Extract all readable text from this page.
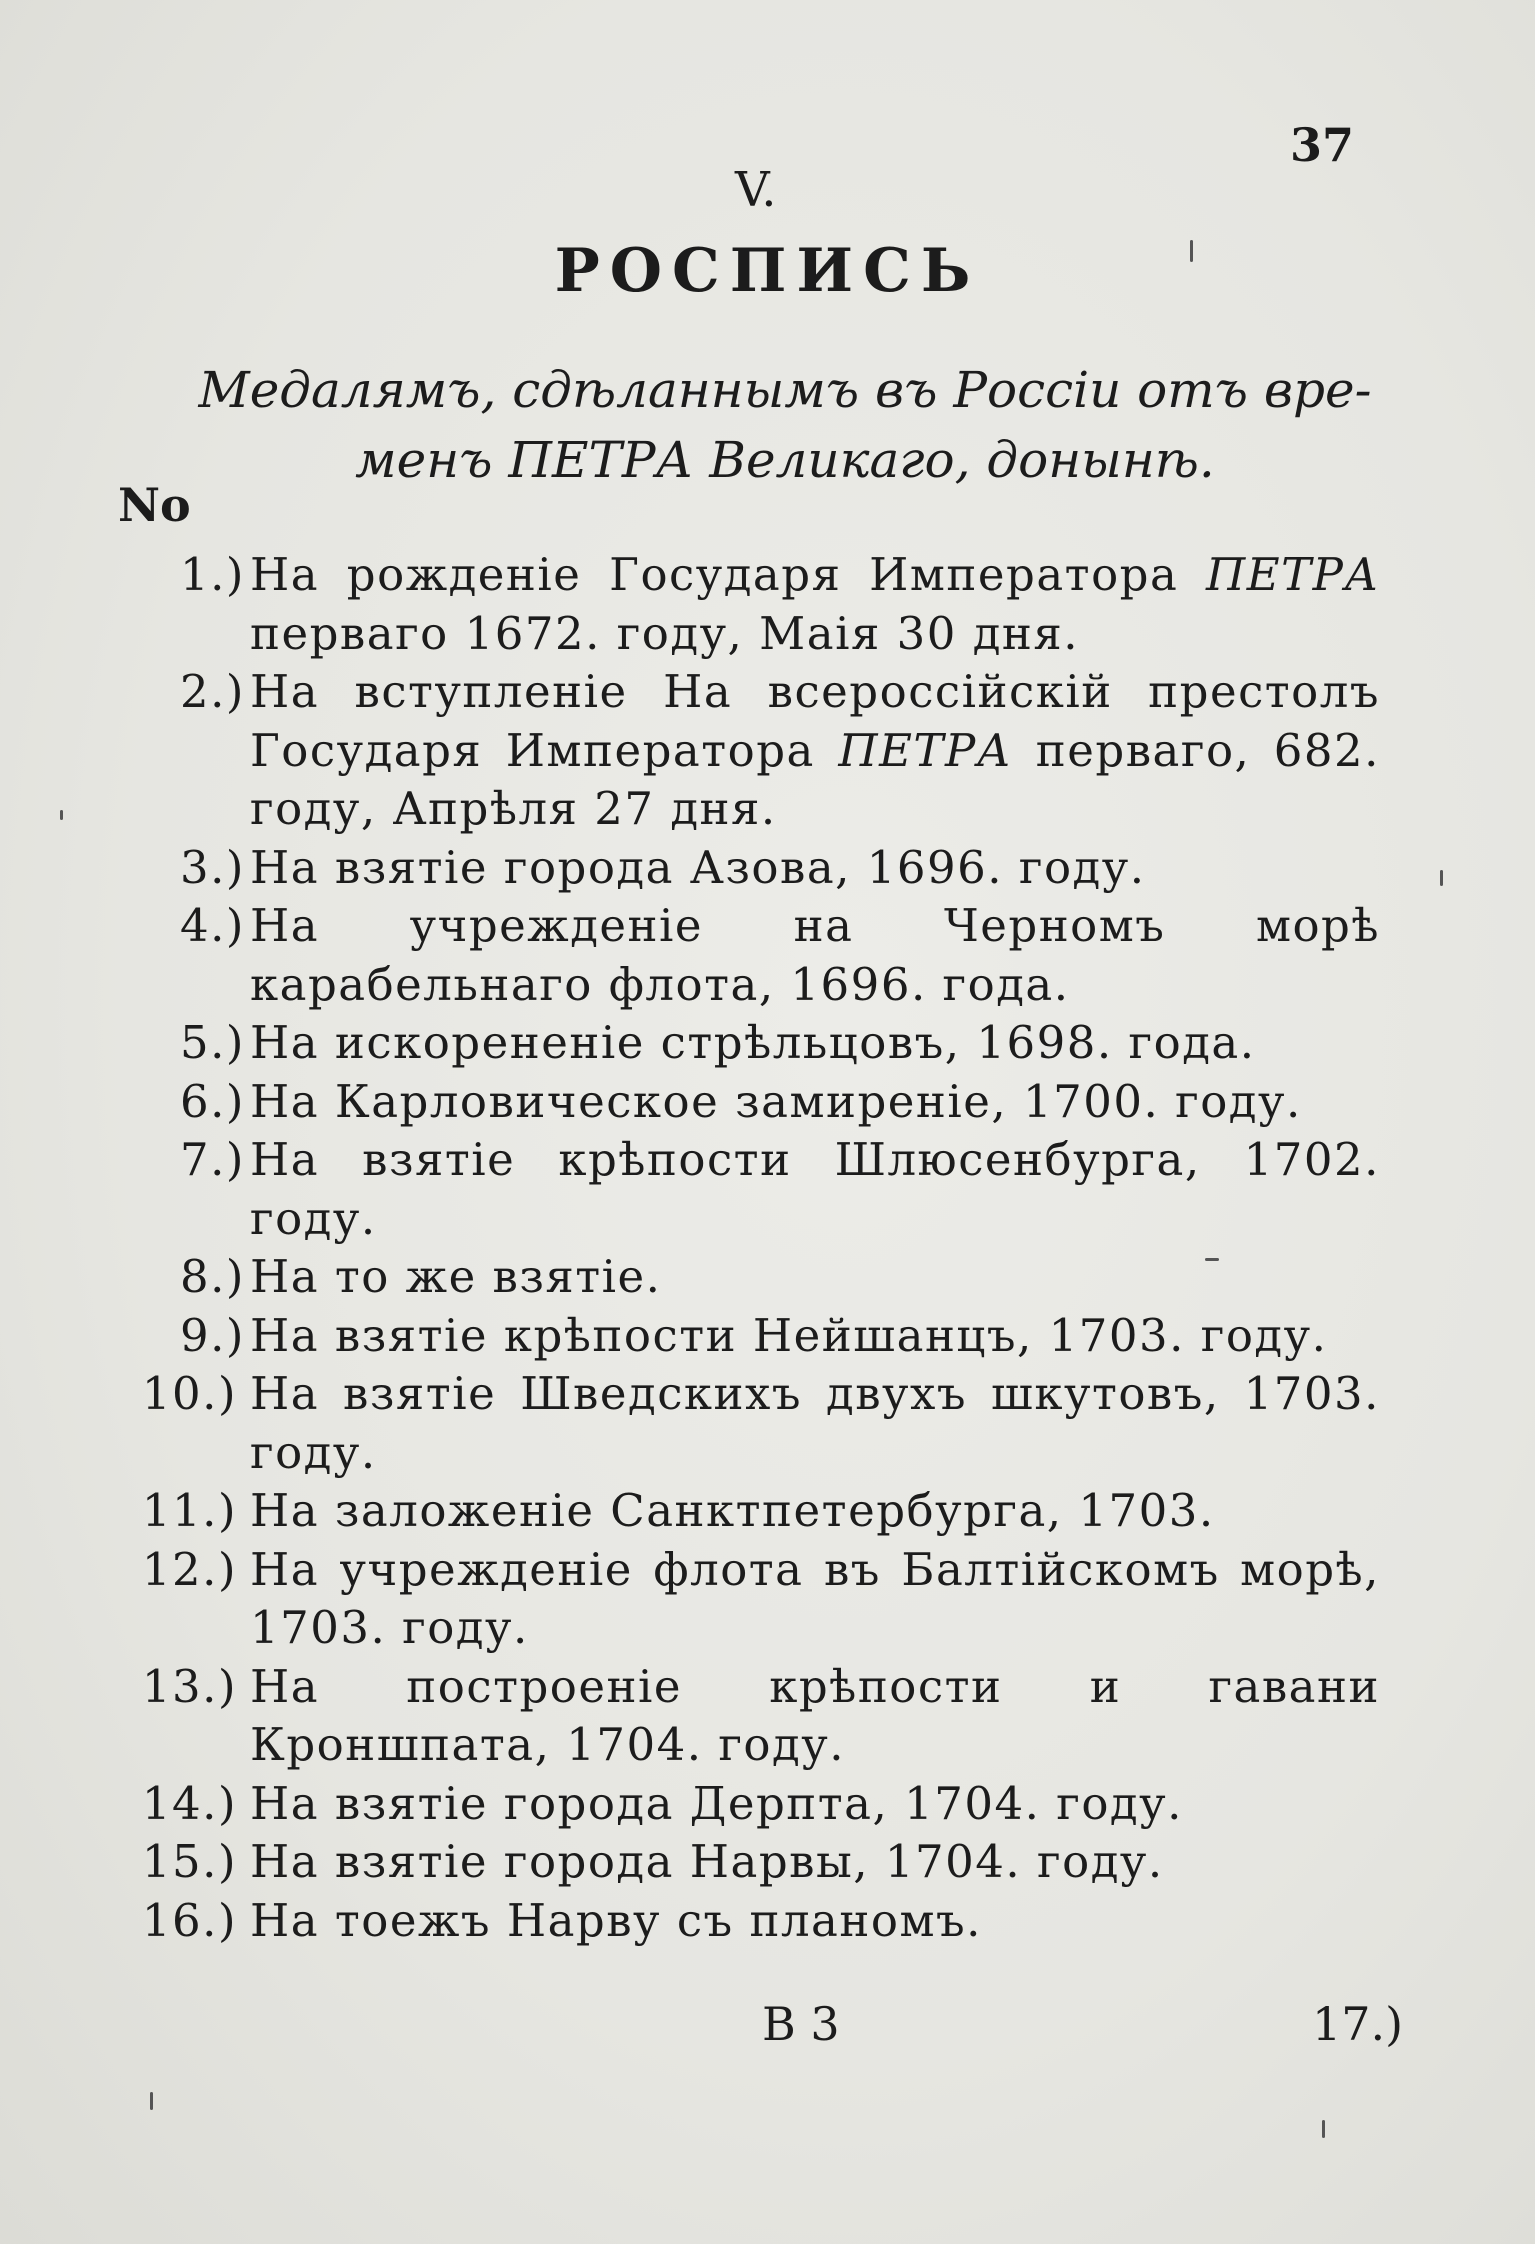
37
V.
РОСПИСЬ
Медалямъ, сдѣланнымъ въ Россiи отъ вре-
менъ ПЕТРА Великаго, донынѣ.
No
1.) На рожденiе Государя Императора ПЕТРА перваго 1672. году, Маiя 30 дня.
2.) На вступленiе На всероссiйскiй престолъ Государя Императора ПЕТРА перваго, 682. году, Апрѣля 27 дня.
3.) На взятiе города Азова, 1696. году.
4.) На учрежденiе на Черномъ морѣ карабельнаго флота, 1696. года.
5.) На искорененiе стрѣльцовъ, 1698. года.
6.) На Карловическое замиренiе, 1700. году.
7.) На взятiе крѣпости Шлюсенбурга, 1702. году.
8.) На то же взятiе.
9.) На взятiе крѣпости Нейшанцъ, 1703. году.
10.) На взятiе Шведскихъ двухъ шкутовъ, 1703. году.
11.) На заложенiе Санктпетербурга, 1703.
12.) На учрежденiе флота въ Балтiйскомъ морѣ, 1703. году.
13.) На построенiе крѣпости и гавани Кроншпата, 1704. году.
14.) На взятiе города Дерпта, 1704. году.
15.) На взятiе города Нарвы, 1704. году.
16.) На тоежъ Нарву съ планомъ.
В 3	17.)
